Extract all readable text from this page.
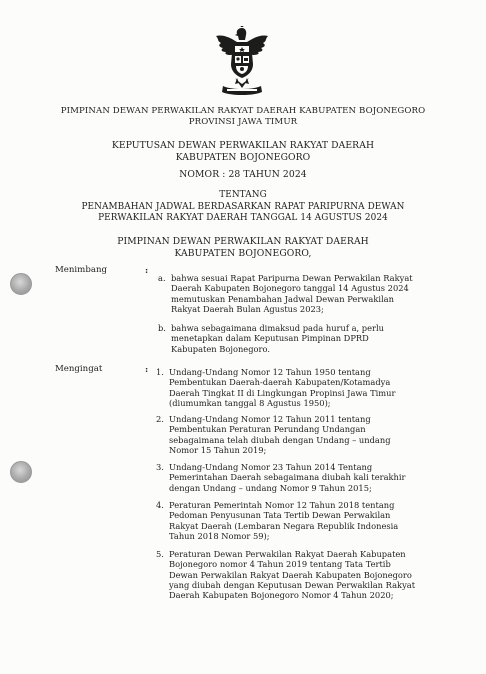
PIMPINAN DEWAN PERWAKILAN RAKYAT DAERAH KABUPATEN BOJONEGORO
PROVINSI JAWA TIMUR
KEPUTUSAN DEWAN PERWAKILAN RAKYAT DAERAH
KABUPATEN BOJONEGORO
NOMOR : 28 TAHUN 2024
TENTANG
PENAMBAHAN JADWAL BERDASARKAN RAPAT PARIPURNA DEWAN
PERWAKILAN RAKYAT DAERAH TANGGAL 14 AGUSTUS 2024
PIMPINAN DEWAN PERWAKILAN RAKYAT DAERAH
KABUPATEN BOJONEGORO,
Menimbang	:
a. bahwa sesuai Rapat Paripurna Dewan Perwakilan Rakyat
Daerah Kabupaten Bojonegoro tanggal 14 Agustus 2024
memutuskan Penambahan Jadwal Dewan Perwakilan
Rakyat Daerah Bulan Agustus 2023;
b. bahwa sebagaimana dimaksud pada huruf a, perlu
menetapkan dalam Keputusan Pimpinan DPRD
Kabupaten Bojonegoro.
Mengingat	: 1. Undang-Undang Nomor 12 Tahun 1950 tentang
Pembentukan Daerah-daerah Kabupaten/Kotamadya
Daerah Tingkat II di Lingkungan Propinsi Jawa Timur
(diumumkan tanggal 8 Agustus 1950);
2. Undang-Undang Nomor 12 Tahun 2011 tentang
Pembentukan Peraturan Perundang Undangan
sebagaimana telah diubah dengan Undang – undang
Nomor 15 Tahun 2019;
3. Undang-Undang Nomor 23 Tahun 2014 Tentang
Pemerintahan Daerah sebagaimana diubah kali terakhir
dengan Undang – undang Nomor 9 Tahun 2015;
4. Peraturan Pemerintah Nomor 12 Tahun 2018 tentang
Pedoman Penyusunan Tata Tertib Dewan Perwakilan
Rakyat Daerah (Lembaran Negara Republik Indonesia
Tahun 2018 Nomor 59);
5. Peraturan Dewan Perwakilan Rakyat Daerah Kabupaten
Bojonegoro nomor 4 Tahun 2019 tentang Tata Tertib
Dewan Perwakilan Rakyat Daerah Kabupaten Bojonegoro
yang diubah dengan Keputusan Dewan Perwakilan Rakyat
Daerah Kabupaten Bojonegoro Nomor 4 Tahun 2020;
